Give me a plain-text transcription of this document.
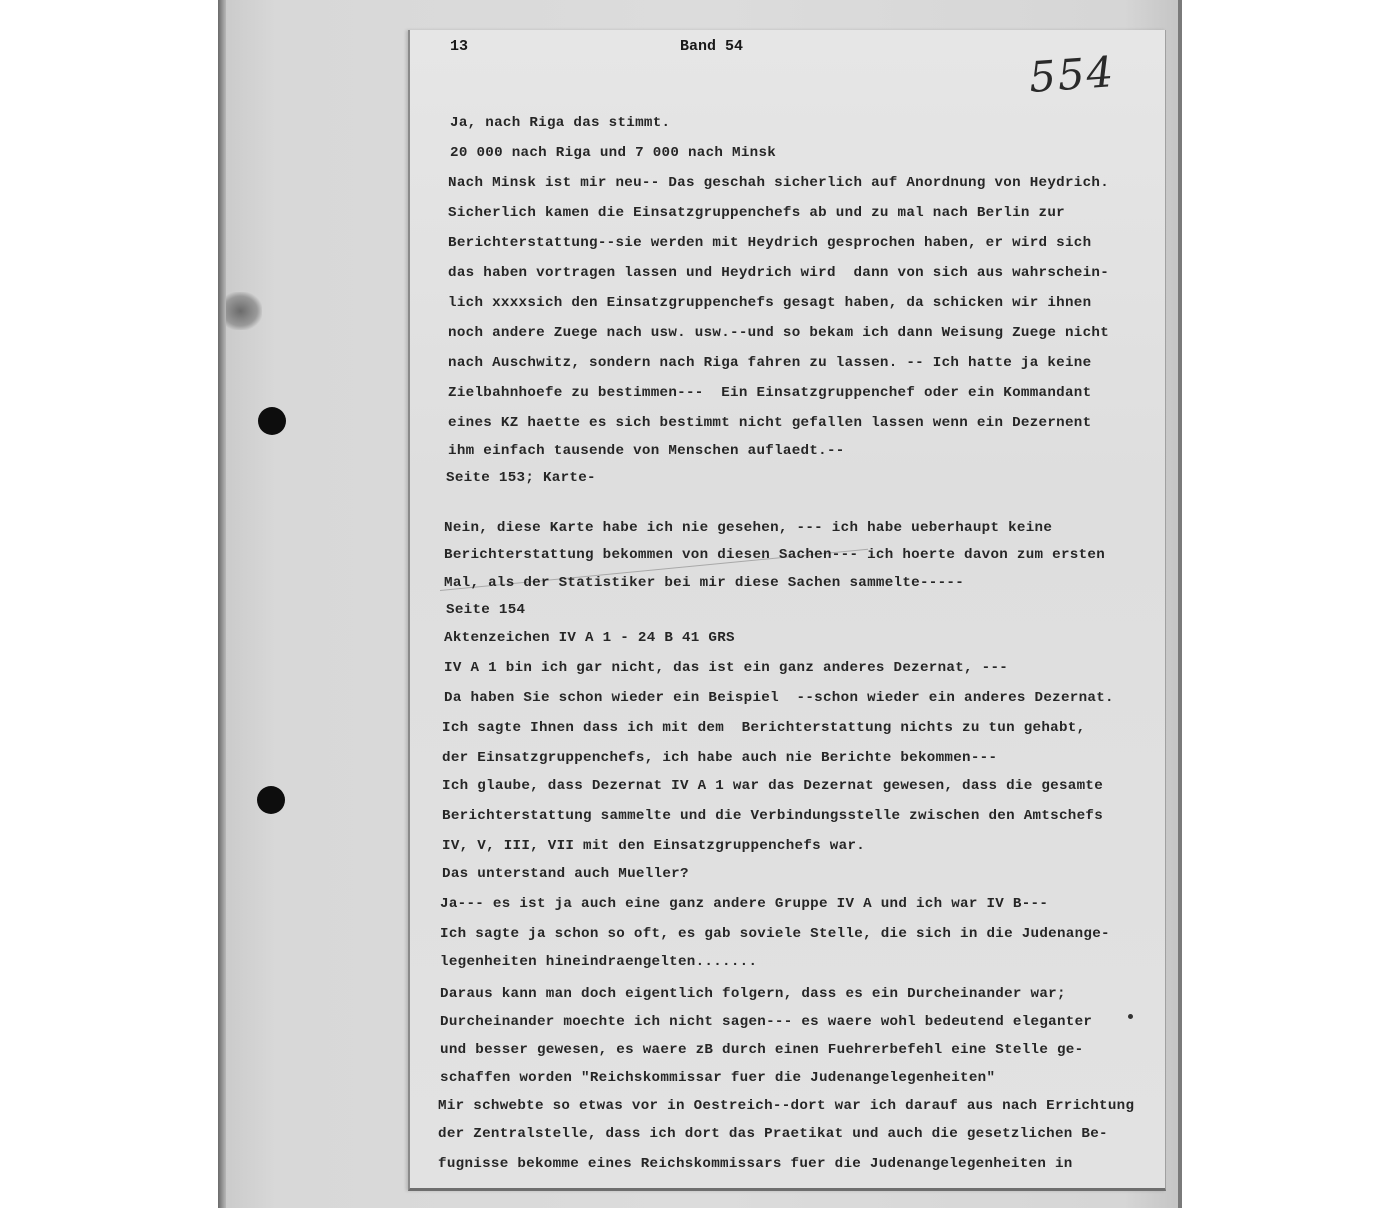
13	Band 54
554
Ja, nach Riga das stimmt.
20 000 nach Riga und 7 000 nach Minsk
Nach Minsk ist mir neu-- Das geschah sicherlich auf Anordnung von Heydrich.
Sicherlich kamen die Einsatzgruppenchefs ab und zu mal nach Berlin zur
Berichterstattung--sie werden mit Heydrich gesprochen haben, er wird sich
das haben vortragen lassen und Heydrich wird  dann von sich aus wahrschein-
lich xxxxsich den Einsatzgruppenchefs gesagt haben, da schicken wir ihnen
noch andere Zuege nach usw. usw.--und so bekam ich dann Weisung Zuege nicht
nach Auschwitz, sondern nach Riga fahren zu lassen. -- Ich hatte ja keine
Zielbahnhoefe zu bestimmen---  Ein Einsatzgruppenchef oder ein Kommandant
eines KZ haette es sich bestimmt nicht gefallen lassen wenn ein Dezernent
ihm einfach tausende von Menschen auflaedt.--
Seite 153; Karte-
Nein, diese Karte habe ich nie gesehen, --- ich habe ueberhaupt keine
Berichterstattung bekommen von diesen Sachen--- ich hoerte davon zum ersten
Mal, als der Statistiker bei mir diese Sachen sammelte-----
Seite 154
Aktenzeichen IV A 1 - 24 B 41 GRS
IV A 1 bin ich gar nicht, das ist ein ganz anderes Dezernat, ---
Da haben Sie schon wieder ein Beispiel  --schon wieder ein anderes Dezernat.
Ich sagte Ihnen dass ich mit dem  Berichterstattung nichts zu tun gehabt,
der Einsatzgruppenchefs, ich habe auch nie Berichte bekommen---
Ich glaube, dass Dezernat IV A 1 war das Dezernat gewesen, dass die gesamte
Berichterstattung sammelte und die Verbindungsstelle zwischen den Amtschefs
IV, V, III, VII mit den Einsatzgruppenchefs war.
Das unterstand auch Mueller?
Ja--- es ist ja auch eine ganz andere Gruppe IV A und ich war IV B---
Ich sagte ja schon so oft, es gab soviele Stelle, die sich in die Judenange-
legenheiten hineindraengelten.......
Daraus kann man doch eigentlich folgern, dass es ein Durcheinander war;
Durcheinander moechte ich nicht sagen--- es waere wohl bedeutend eleganter
und besser gewesen, es waere zB durch einen Fuehrerbefehl eine Stelle ge-
schaffen worden "Reichskommissar fuer die Judenangelegenheiten"
Mir schwebte so etwas vor in Oestreich--dort war ich darauf aus nach Errichtung
der Zentralstelle, dass ich dort das Praetikat und auch die gesetzlichen Be-
fugnisse bekomme eines Reichskommissars fuer die Judenangelegenheiten in
